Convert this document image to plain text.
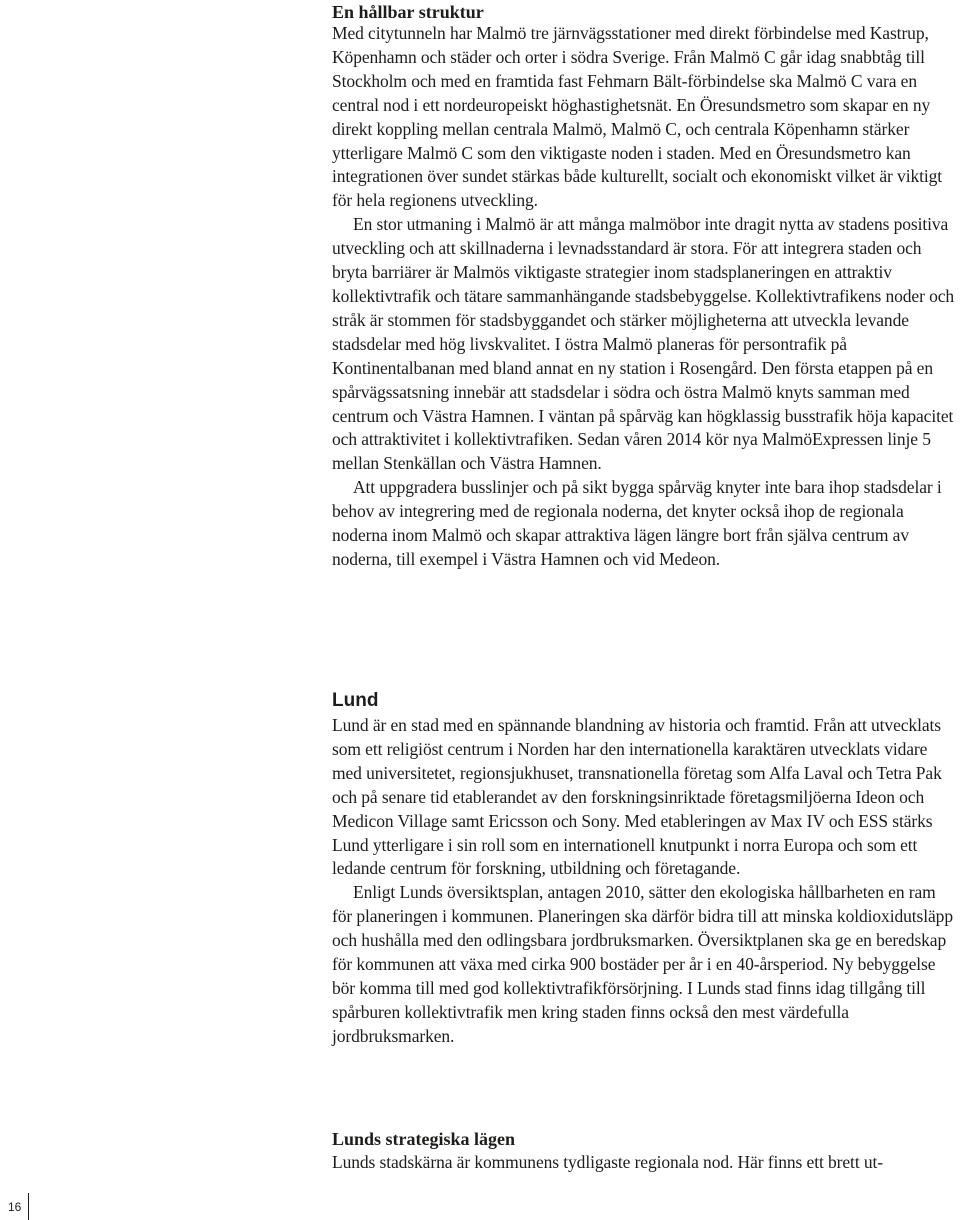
En hållbar struktur

Med citytunneln har Malmö tre järnvägsstationer med direkt förbindelse med Kastrup, Köpenhamn och städer och orter i södra Sverige. Från Malmö C går idag snabbtåg till Stockholm och med en framtida fast Fehmarn Bält-förbindelse ska Malmö C vara en central nod i ett nordeuropeiskt höghastighetsnät. En Öresundsmetro som skapar en ny direkt koppling mellan centrala Malmö, Malmö C, och centrala Köpenhamn stärker ytterligare Malmö C som den viktigaste noden i staden. Med en Öresundsmetro kan integrationen över sundet stärkas både kulturellt, socialt och ekonomiskt vilket är viktigt för hela regionens utveckling.

En stor utmaning i Malmö är att många malmöbor inte dragit nytta av stadens positiva utveckling och att skillnaderna i levnadsstandard är stora. För att integrera staden och bryta barriärer är Malmös viktigaste strategier inom stadsplaneringen en attraktiv kollektivtrafik och tätare sammanhängande stadsbebyggelse. Kollektivtrafikens noder och stråk är stommen för stadsbyggandet och stärker möjligheterna att utveckla levande stadsdelar med hög livskvalitet. I östra Malmö planeras för persontrafik på Kontinentalbanan med bland annat en ny station i Rosengård. Den första etappen på en spårvägssatsning innebär att stadsdelar i södra och östra Malmö knyts samman med centrum och Västra Hamnen. I väntan på spårväg kan högklassig busstrafik höja kapacitet och attraktivitet i kollektivtrafiken. Sedan våren 2014 kör nya MalmöExpressen linje 5 mellan Stenkällan och Västra Hamnen.

Att uppgradera busslinjer och på sikt bygga spårväg knyter inte bara ihop stadsdelar i behov av integrering med de regionala noderna, det knyter också ihop de regionala noderna inom Malmö och skapar attraktiva lägen längre bort från själva centrum av noderna, till exempel i Västra Hamnen och vid Medeon.

Lund

Lund är en stad med en spännande blandning av historia och framtid. Från att utvecklats som ett religiöst centrum i Norden har den internationella karaktären utvecklats vidare med universitetet, regionsjukhuset, transnationella företag som Alfa Laval och Tetra Pak och på senare tid etablerandet av den forskningsinriktade företagsmiljöerna Ideon och Medicon Village samt Ericsson och Sony. Med etableringen av Max IV och ESS stärks Lund ytterligare i sin roll som en internationell knutpunkt i norra Europa och som ett ledande centrum för forskning, utbildning och företagande.

Enligt Lunds översiktsplan, antagen 2010, sätter den ekologiska hållbarheten en ram för planeringen i kommunen. Planeringen ska därför bidra till att minska koldioxidutsläpp och hushålla med den odlingsbara jordbruksmarken. Översiktplanen ska ge en beredskap för kommunen att växa med cirka 900 bostäder per år i en 40-årsperiod. Ny bebyggelse bör komma till med god kollektivtrafikförsörjning. I Lunds stad finns idag tillgång till spårburen kollektivtrafik men kring staden finns också den mest värdefulla jordbruksmarken.

Lunds strategiska lägen

Lunds stadskärna är kommunens tydligaste regionala nod. Här finns ett brett ut-

16
